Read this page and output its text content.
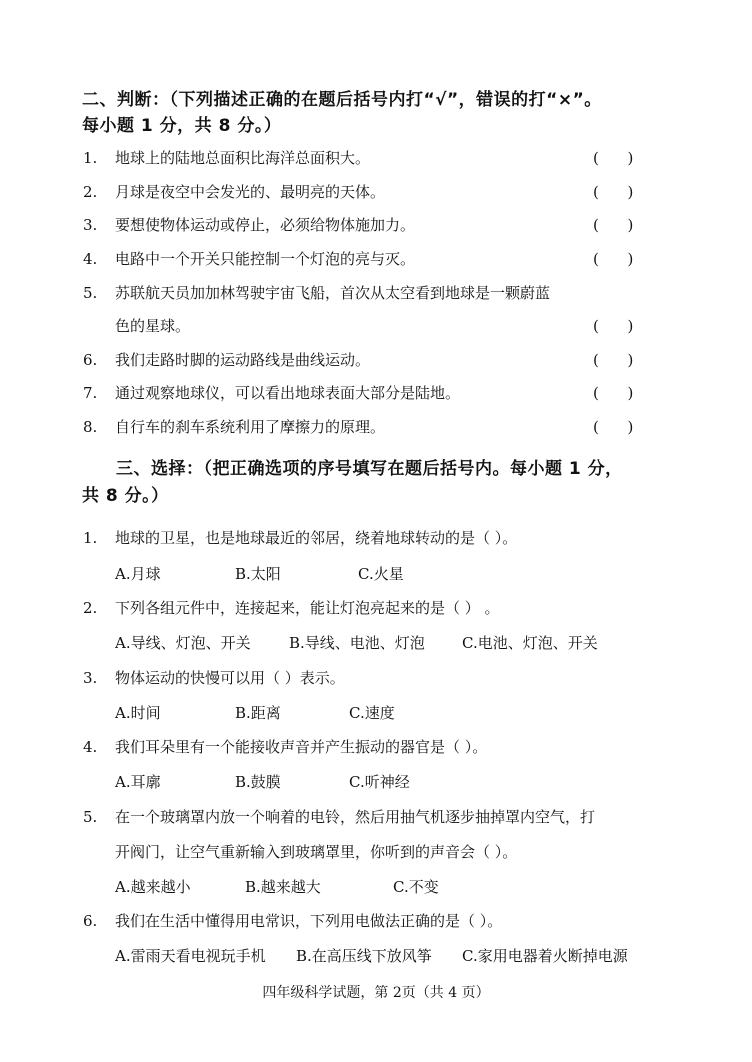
二、判断：（下列描述正确的在题后括号内打“√”，错误的打“×”。
每小题 1 分，共 8 分。）
1. 地球上的陆地总面积比海洋总面积大。	(      )
2. 月球是夜空中会发光的、最明亮的天体。	(      )
3. 要想使物体运动或停止，必须给物体施加力。	(      )
4. 电路中一个开关只能控制一个灯泡的亮与灭。	(      )
5. 苏联航天员加加林驾驶宇宙飞船，首次从太空看到地球是一颗蔚蓝
色的星球。	(      )
6. 我们走路时脚的运动路线是曲线运动。	(      )
7. 通过观察地球仪，可以看出地球表面大部分是陆地。	(      )
8. 自行车的刹车系统利用了摩擦力的原理。	(      )
三、选择：（把正确选项的序号填写在题后括号内。每小题 1 分，
共 8 分。）
1. 地球的卫星，也是地球最近的邻居，绕着地球转动的是（ ）。
A.月球	B.太阳	C.火星
2. 下列各组元件中，连接起来，能让灯泡亮起来的是（ ） 。
A.导线、灯泡、开关	B.导线、电池、灯泡 C.电池、灯泡、开关
3. 物体运动的快慢可以用（ ）表示。
A.时间	B.距离	C.速度
4. 我们耳朵里有一个能接收声音并产生振动的器官是（ ）。
A.耳廓	B.鼓膜	C.听神经
5. 在一个玻璃罩内放一个响着的电铃，然后用抽气机逐步抽掉罩内空气，打
开阀门，让空气重新输入到玻璃罩里，你听到的声音会（ ）。
A.越来越小	B.越来越大	C.不变
6. 我们在生活中懂得用电常识，下列用电做法正确的是（ ）。
A.雷雨天看电视玩手机 B.在高压线下放风筝 C.家用电器着火断掉电源
四年级科学试题，第 2页（共 4 页）
